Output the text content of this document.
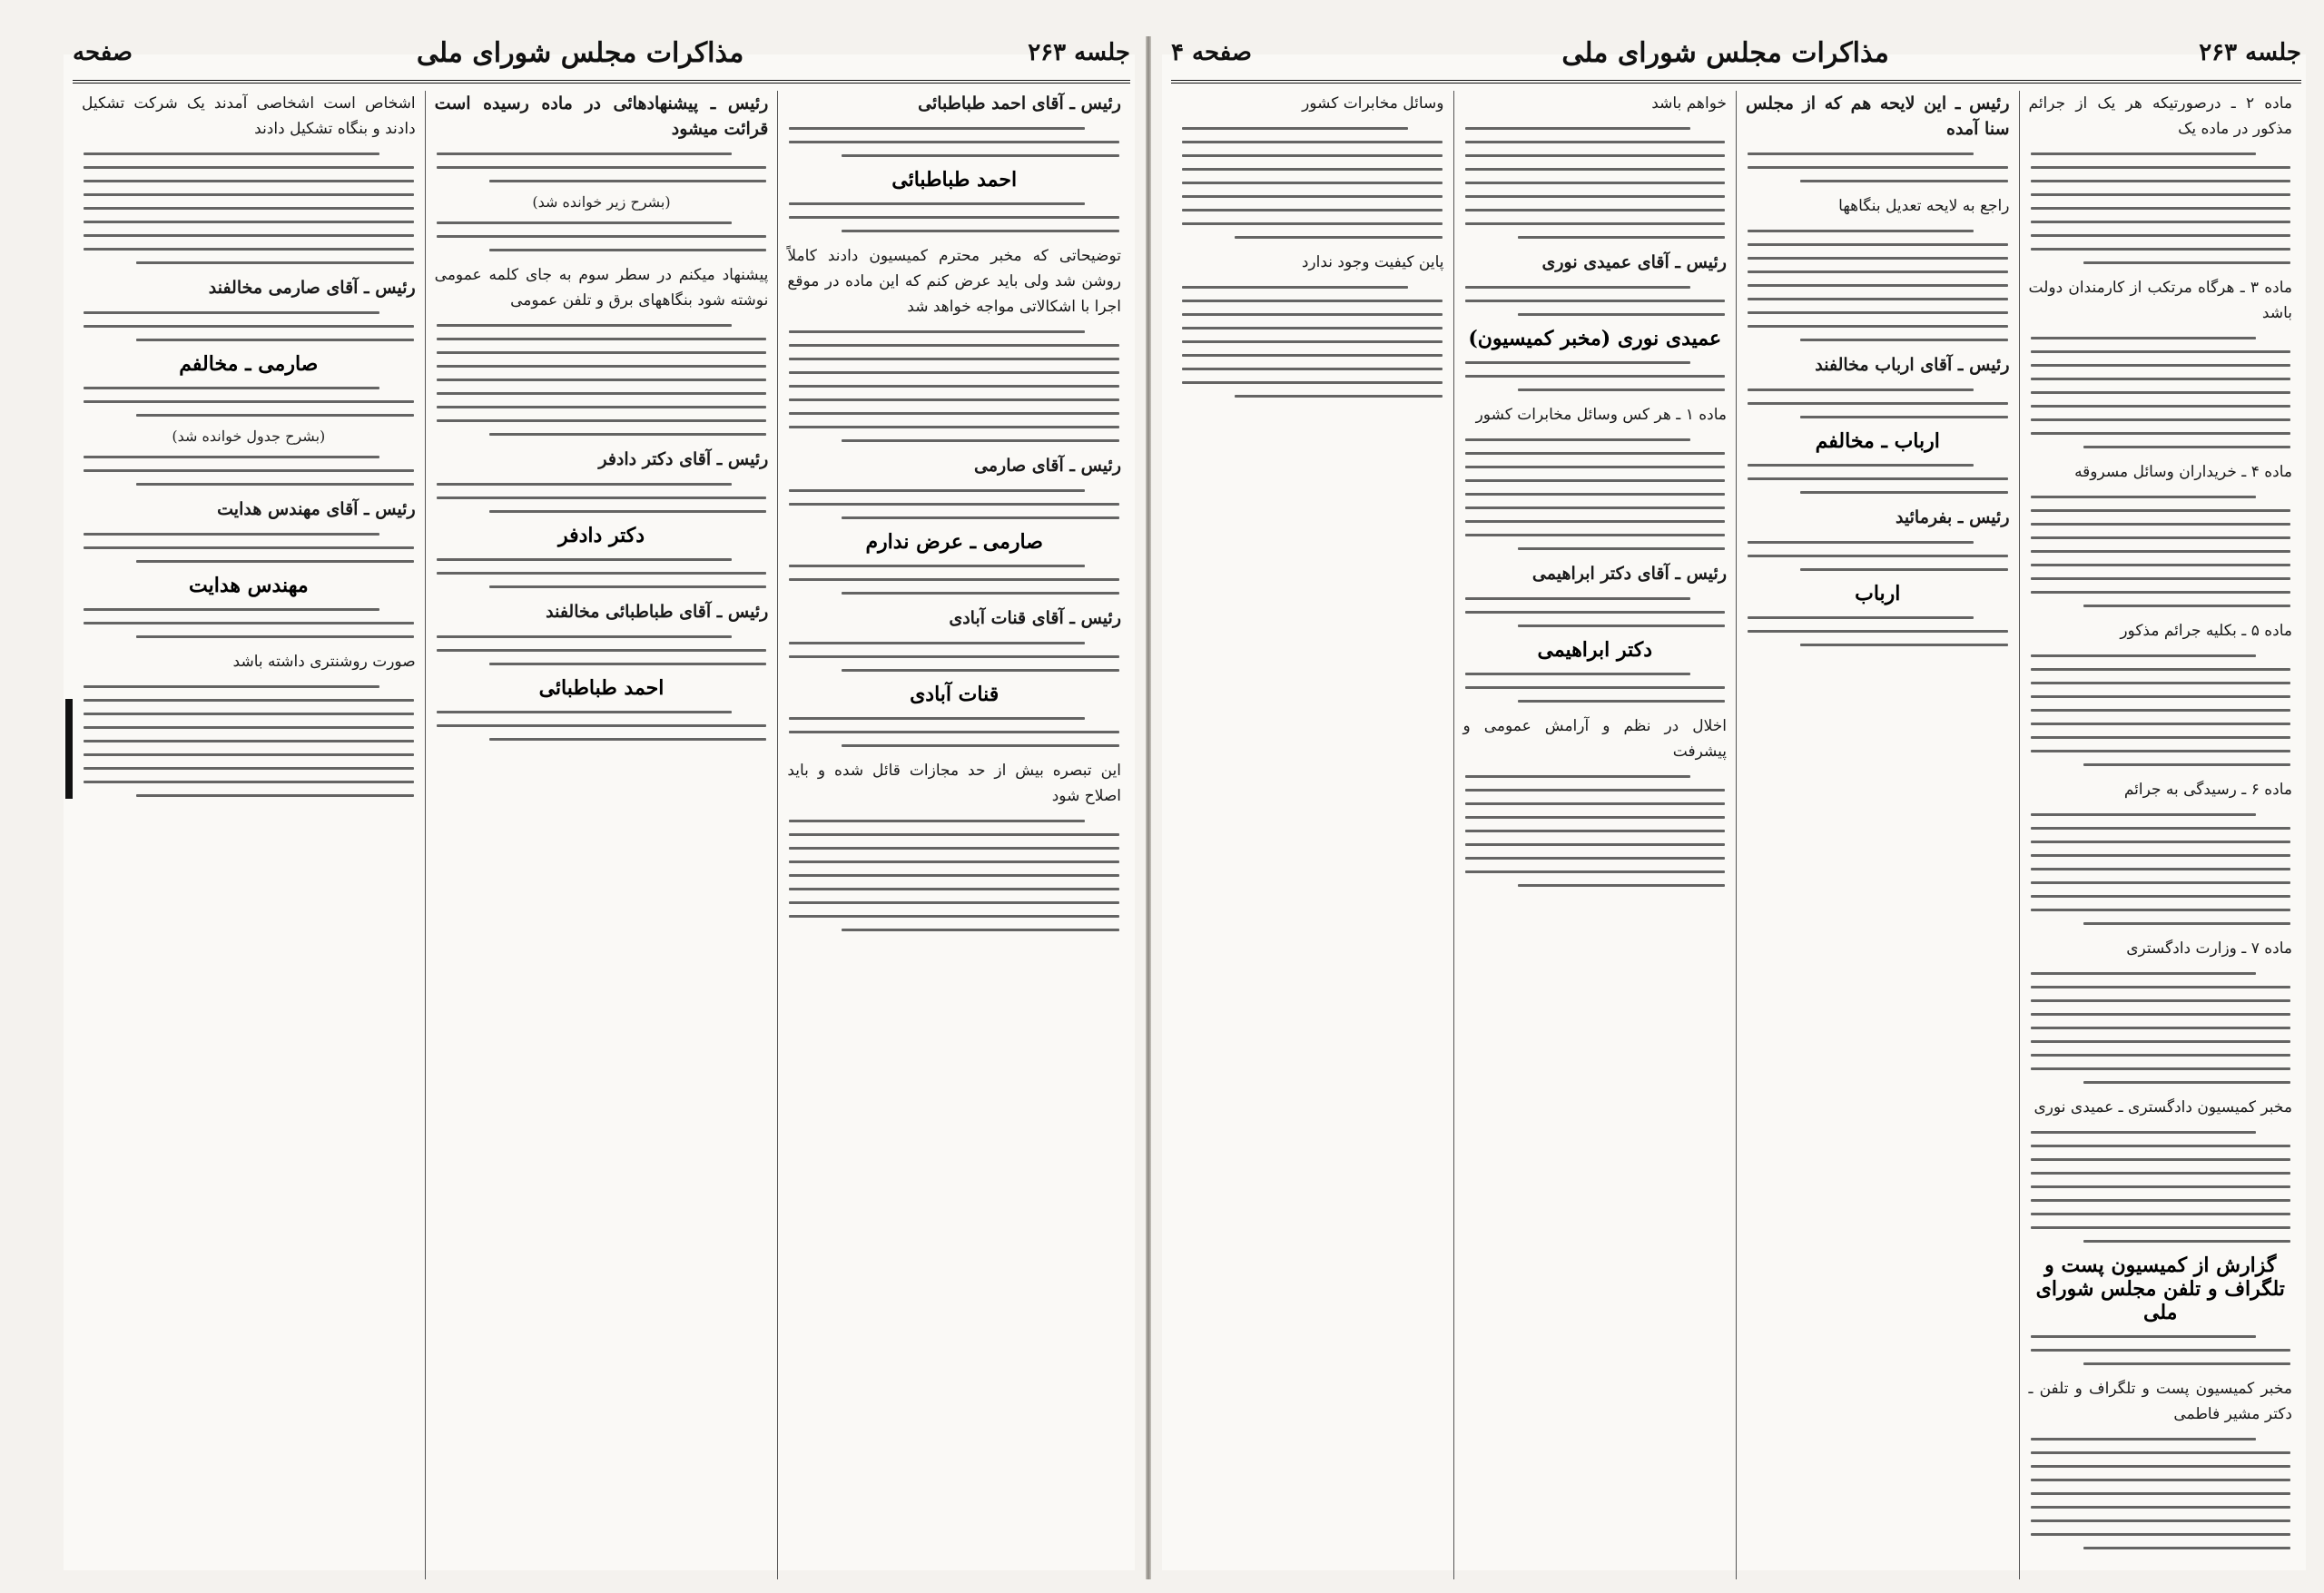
جلسه ۲۶۳
مذاکرات مجلس شورای ملی
صفحه	جلسه ۲۶۳
مذاکرات مجلس شورای ملی
صفحه ۴

رئیس ـ آقای احمد طباطبائی

احمد طباطبائی

توضیحاتی که مخبر محترم کمیسیون دادند کاملاً روشن شد ولی باید عرض کنم که این ماده در موقع اجرا با اشکالاتی مواجه خواهد شد

رئیس ـ آقای صارمی

صارمی ـ عرض ندارم

رئیس ـ آقای قنات آبادی

قنات آبادی

این تبصره بیش از حد مجازات قائل شده و باید اصلاح شود

رئیس ـ پیشنهادهائی در ماده رسیده است قرائت میشود

(بشرح زیر خوانده شد)

پیشنهاد میکنم در سطر سوم به جای کلمه عمومی نوشته شود بنگاههای برق و تلفن عمومی

رئیس ـ آقای دکتر دادفر

دکتر دادفر

رئیس ـ آقای طباطبائی مخالفند

احمد طباطبائی

اشخاص است اشخاصی آمدند یک شرکت تشکیل دادند و بنگاه تشکیل دادند

رئیس ـ آقای صارمی مخالفند

صارمی ـ مخالفم
(بشرح جدول خوانده شد)

رئیس ـ آقای مهندس هدایت

مهندس هدایت

صورت روشنتری داشته باشد

ماده ۲ ـ درصورتیکه هر یک از جرائم مذکور در ماده یک

ماده ۳ ـ هرگاه مرتکب از کارمندان دولت باشد

ماده ۴ ـ خریداران وسائل مسروقه

ماده ۵ ـ بکلیه جرائم مذکور

ماده ۶ ـ رسیدگی به جرائم

ماده ۷ ـ وزارت دادگستری

مخبر کمیسیون دادگستری ـ عمیدی نوری

گزارش از کمیسیون پست و تلگراف و تلفن مجلس شورای ملی

مخبر کمیسیون پست و تلگراف و تلفن ـ دکتر مشیر فاطمی

رئیس ـ این لایحه هم که از مجلس سنا آمده

راجع به لایحه تعدیل بنگاهها

رئیس ـ آقای ارباب مخالفند

ارباب ـ مخالفم

رئیس ـ بفرمائید

ارباب

خواهم باشد

رئیس ـ آقای عمیدی نوری

عمیدی نوری (مخبر کمیسیون)

ماده ۱ ـ هر کس وسائل مخابرات کشور

رئیس ـ آقای دکتر ابراهیمی

دکتر ابراهیمی

اخلال در نظم و آرامش عمومی و پیشرفت

وسائل مخابرات کشور

پاین کیفیت وجود ندارد
